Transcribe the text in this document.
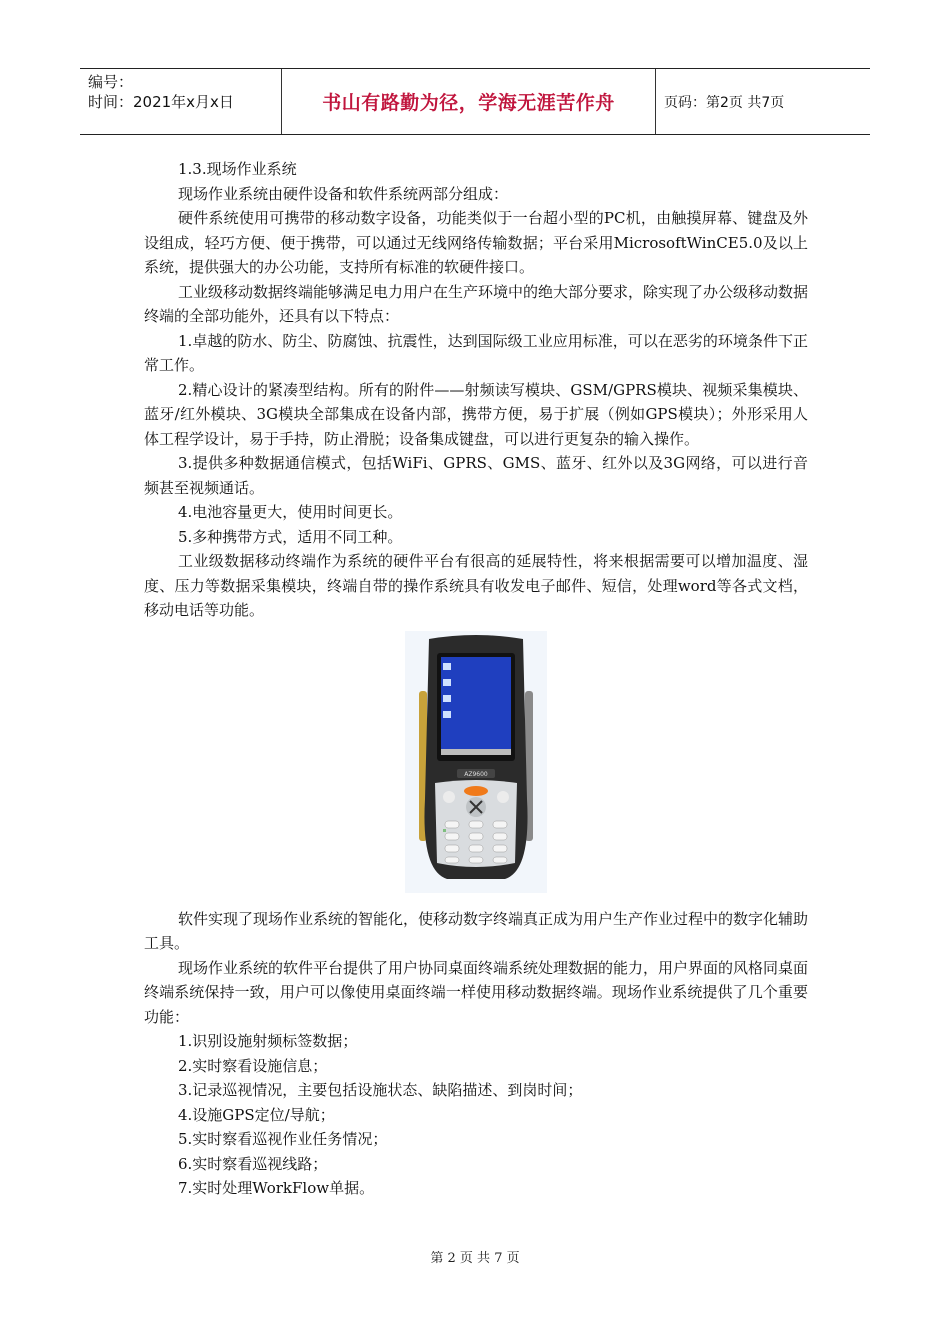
编号：
时间：2021年x月x日	书山有路勤为径，学海无涯苦作舟	页码：第2页 共7页

1.3.现场作业系统

现场作业系统由硬件设备和软件系统两部分组成：

硬件系统使用可携带的移动数字设备，功能类似于一台超小型的PC机，由触摸屏幕、键盘及外设组成，轻巧方便、便于携带，可以通过无线网络传输数据；平台采用MicrosoftWinCE5.0及以上系统，提供强大的办公功能，支持所有标准的软硬件接口。

工业级移动数据终端能够满足电力用户在生产环境中的绝大部分要求，除实现了办公级移动数据终端的全部功能外，还具有以下特点：

1.卓越的防水、防尘、防腐蚀、抗震性，达到国际级工业应用标准，可以在恶劣的环境条件下正常工作。

2.精心设计的紧凑型结构。所有的附件——射频读写模块、GSM/GPRS模块、视频采集模块、蓝牙/红外模块、3G模块全部集成在设备内部，携带方便，易于扩展（例如GPS模块）；外形采用人体工程学设计，易于手持，防止滑脱；设备集成键盘，可以进行更复杂的输入操作。

3.提供多种数据通信模式，包括WiFi、GPRS、GMS、蓝牙、红外以及3G网络，可以进行音频甚至视频通话。

4.电池容量更大，使用时间更长。

5.多种携带方式，适用不同工种。

工业级数据移动终端作为系统的硬件平台有很高的延展特性，将来根据需要可以增加温度、湿度、压力等数据采集模块，终端自带的操作系统具有收发电子邮件、短信，处理word等各式文档，移动电话等功能。

AZ9600

软件实现了现场作业系统的智能化，使移动数字终端真正成为用户生产作业过程中的数字化辅助工具。

现场作业系统的软件平台提供了用户协同桌面终端系统处理数据的能力，用户界面的风格同桌面终端系统保持一致，用户可以像使用桌面终端一样使用移动数据终端。现场作业系统提供了几个重要功能：

1.识别设施射频标签数据；

2.实时察看设施信息；

3.记录巡视情况，主要包括设施状态、缺陷描述、到岗时间；

4.设施GPS定位/导航；

5.实时察看巡视作业任务情况；

6.实时察看巡视线路；

7.实时处理WorkFlow单据。

第 2 页 共 7 页
